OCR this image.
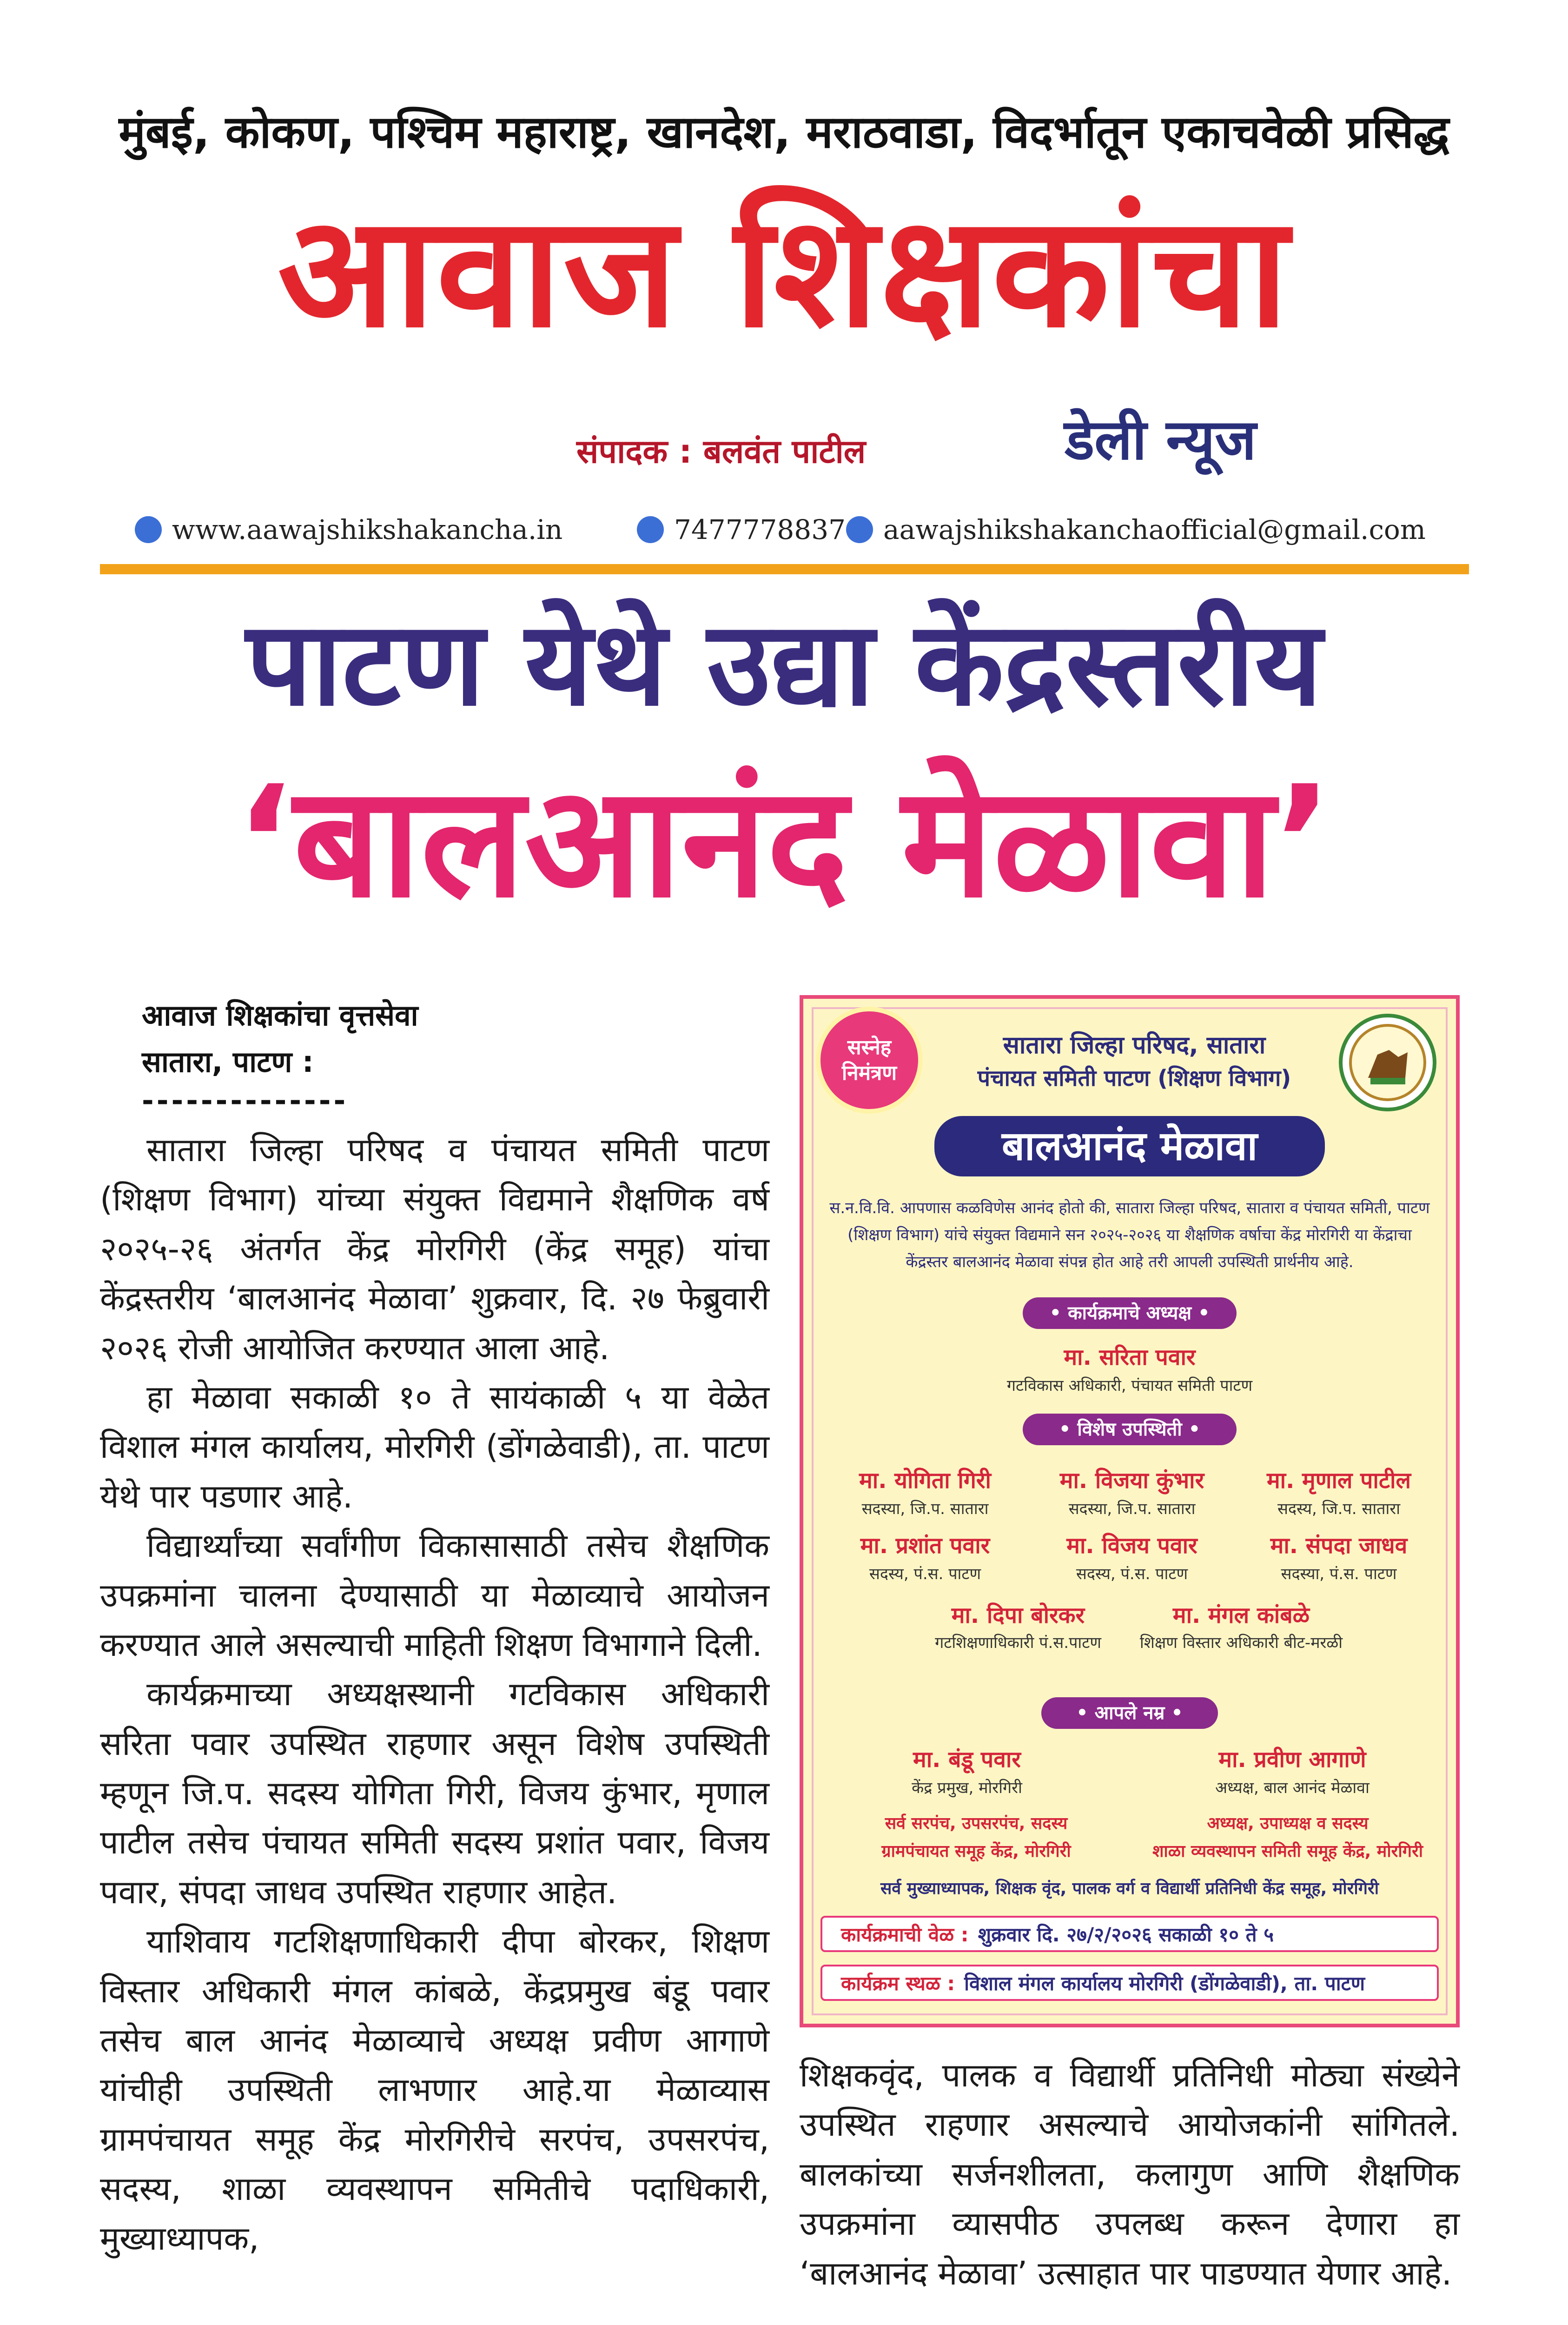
मुंबई, कोकण, पश्चिम महाराष्ट्र, खानदेश, मराठवाडा, विदर्भातून एकाचवेळी प्रसिद्ध
आवाज शिक्षकांचा
संपादक : बलवंत पाटील	डेली न्यूज
www.aawajshikshakancha.in	7477778837 aawajshikshakanchaofficial@gmail.com
पाटण येथे उद्या केंद्रस्तरीय
‘बालआनंद मेळावा’
आवाज शिक्षकांचा वृत्तसेवा
सातारा, पाटण :
--------------

सातारा जिल्हा परिषद व पंचायत समिती पाटण (शिक्षण विभाग) यांच्या संयुक्त विद्यमाने शैक्षणिक वर्ष २०२५-२६ अंतर्गत केंद्र मोरगिरी (केंद्र समूह) यांचा केंद्रस्तरीय ‘बालआनंद मेळावा’ शुक्रवार, दि. २७ फेब्रुवारी २०२६ रोजी आयोजित करण्यात आला आहे.

हा मेळावा सकाळी १० ते सायंकाळी ५ या वेळेत विशाल मंगल कार्यालय, मोरगिरी (डोंगळेवाडी), ता. पाटण येथे पार पडणार आहे.

विद्यार्थ्यांच्या सर्वांगीण विकासासाठी तसेच शैक्षणिक उपक्रमांना चालना देण्यासाठी या मेळाव्याचे आयोजन करण्यात आले असल्याची माहिती शिक्षण विभागाने दिली.

कार्यक्रमाच्या अध्यक्षस्थानी गटविकास अधिकारी सरिता पवार उपस्थित राहणार असून विशेष उपस्थिती म्हणून जि.प. सदस्य योगिता गिरी, विजय कुंभार, मृणाल पाटील तसेच पंचायत समिती सदस्य प्रशांत पवार, विजय पवार, संपदा जाधव उपस्थित राहणार आहेत.

याशिवाय गटशिक्षणाधिकारी दीपा बोरकर, शिक्षण विस्तार अधिकारी मंगल कांबळे, केंद्रप्रमुख बंडू पवार तसेच बाल आनंद मेळाव्याचे अध्यक्ष प्रवीण आगाणे यांचीही उपस्थिती लाभणार आहे.या मेळाव्यास ग्रामपंचायत समूह केंद्र मोरगिरीचे सरपंच, उपसरपंच, सदस्य, शाळा व्यवस्थापन समितीचे पदाधिकारी, मुख्याध्यापक,

शिक्षकवृंद, पालक व विद्यार्थी प्रतिनिधी मोठ्या संख्येने उपस्थित राहणार असल्याचे आयोजकांनी सांगितले. बालकांच्या सर्जनशीलता, कलागुण आणि शैक्षणिक उपक्रमांना व्यासपीठ उपलब्ध करून देणारा हा ‘बालआनंद मेळावा’ उत्साहात पार पाडण्यात येणार आहे.

सस्नेह निमंत्रण
सातारा जिल्हा परिषद, सातारा
पंचायत समिती पाटण (शिक्षण विभाग)
बालआनंद मेळावा
स.न.वि.वि. आपणास कळविणेस आनंद होतो की, सातारा जिल्हा परिषद, सातारा व पंचायत समिती, पाटण (शिक्षण विभाग) यांचे संयुक्त विद्यमाने सन २०२५-२०२६ या शैक्षणिक वर्षाचा केंद्र मोरगिरी या केंद्राचा केंद्रस्तर बालआनंद मेळावा संपन्न होत आहे तरी आपली उपस्थिती प्रार्थनीय आहे.
• कार्यक्रमाचे अध्यक्ष •
मा. सरिता पवार
गटविकास अधिकारी, पंचायत समिती पाटण
• विशेष उपस्थिती •
मा. योगिता गिरी
सदस्या, जि.प. सातारा
मा. विजया कुंभार
सदस्या, जि.प. सातारा
मा. मृणाल पाटील
सदस्य, जि.प. सातारा
मा. प्रशांत पवार
सदस्य, पं.स. पाटण
मा. विजय पवार
सदस्य, पं.स. पाटण
मा. संपदा जाधव
सदस्या, पं.स. पाटण
मा. दिपा बोरकर
गटशिक्षणाधिकारी पं.स.पाटण
मा. मंगल कांबळे
शिक्षण विस्तार अधिकारी बीट-मरळी
• आपले नम्र •
मा. बंडू पवार
केंद्र प्रमुख, मोरगिरी
मा. प्रवीण आगाणे
अध्यक्ष, बाल आनंद मेळावा
सर्व सरपंच, उपसरपंच, सदस्य
ग्रामपंचायत समूह केंद्र, मोरगिरी
अध्यक्ष, उपाध्यक्ष व सदस्य
शाळा व्यवस्थापन समिती समूह केंद्र, मोरगिरी
सर्व मुख्याध्यापक, शिक्षक वृंद, पालक वर्ग व विद्यार्थी प्रतिनिधी केंद्र समूह, मोरगिरी
कार्यक्रमाची वेळ : शुक्रवार दि. २७/२/२०२६ सकाळी १० ते ५
कार्यक्रम स्थळ : विशाल मंगल कार्यालय मोरगिरी (डोंगळेवाडी), ता. पाटण
